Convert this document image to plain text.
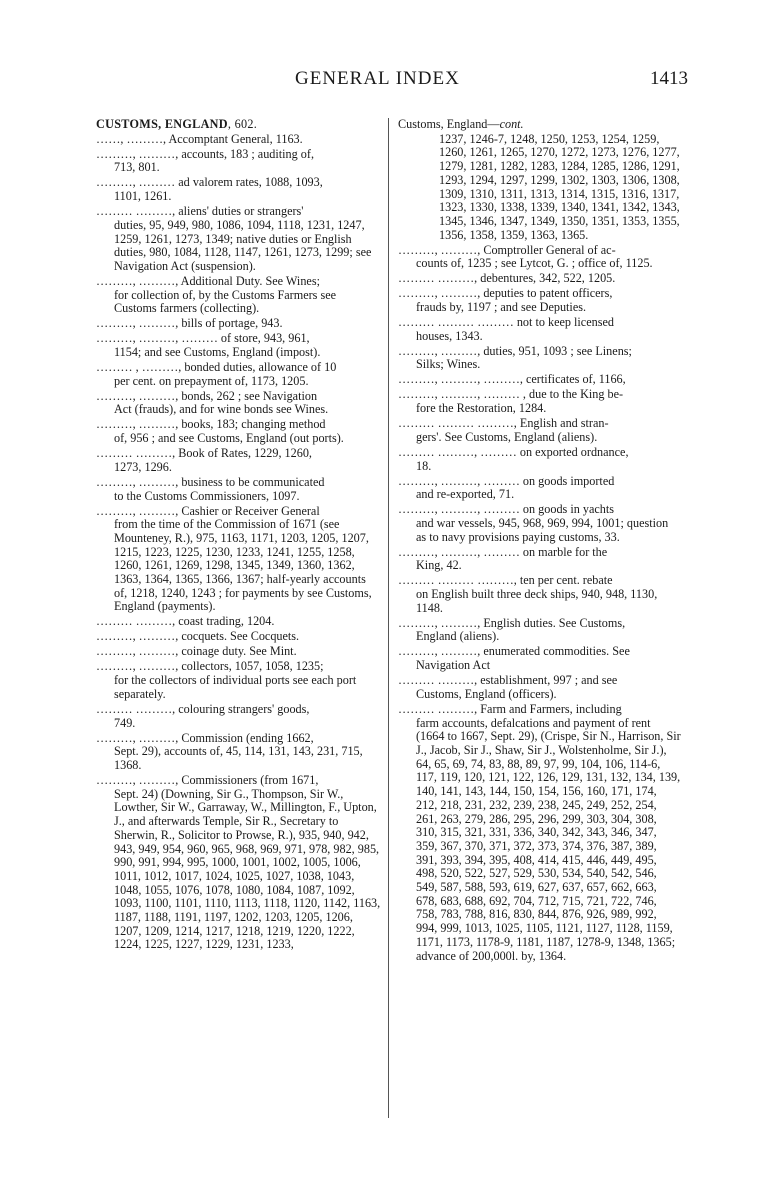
GENERAL INDEX	1413
CUSTOMS, ENGLAND, 602.
……, ………, Accomptant General, 1163.
………, ………, accounts, 183 ; auditing of,
713, 801.
………, ……… ad valorem rates, 1088, 1093,
1101, 1261.
……… ………, aliens' duties or strangers'
duties, 95, 949, 980, 1086, 1094, 1118, 1231, 1247, 1259, 1261, 1273, 1349; native duties or English duties, 980, 1084, 1128, 1147, 1261, 1273, 1299; see Navigation Act (suspension).
………, ………, Additional Duty. See Wines;
for collection of, by the Customs Farmers see Customs farmers (collecting).
………, ………, bills of portage, 943.
………, ………, ……… of store, 943, 961,
1154; and see Customs, England (impost).
……… , ………, bonded duties, allowance of 10
per cent. on prepayment of, 1173, 1205.
………, ………, bonds, 262 ; see Navigation
Act (frauds), and for wine bonds see Wines.
………, ………, books, 183; changing method
of, 956 ; and see Customs, England (out ports).
……… ………, Book of Rates, 1229, 1260,
1273, 1296.
………, ………, business to be communicated
to the Customs Commissioners, 1097.
………, ………, Cashier or Receiver General
from the time of the Commission of 1671 (see Mounteney, R.), 975, 1163, 1171, 1203, 1205, 1207, 1215, 1223, 1225, 1230, 1233, 1241, 1255, 1258, 1260, 1261, 1269, 1298, 1345, 1349, 1360, 1362, 1363, 1364, 1365, 1366, 1367; half-yearly accounts of, 1218, 1240, 1243 ; for payments by see Customs, England (payments).
……… ………, coast trading, 1204.
………, ………, cocquets. See Cocquets.
………, ………, coinage duty. See Mint.
………, ………, collectors, 1057, 1058, 1235;
for the collectors of individual ports see each port separately.
……… ………, colouring strangers' goods,
749.
………, ………, Commission (ending 1662,
Sept. 29), accounts of, 45, 114, 131, 143, 231, 715, 1368.
………, ………, Commissioners (from 1671,
Sept. 24) (Downing, Sir G., Thompson, Sir W., Lowther, Sir W., Garraway, W., Millington, F., Upton, J., and afterwards Temple, Sir R., Secretary to Sherwin, R., Solicitor to Prowse, R.), 935, 940, 942, 943, 949, 954, 960, 965, 968, 969, 971, 978, 982, 985, 990, 991, 994, 995, 1000, 1001, 1002, 1005, 1006, 1011, 1012, 1017, 1024, 1025, 1027, 1038, 1043, 1048, 1055, 1076, 1078, 1080, 1084, 1087, 1092, 1093, 1100, 1101, 1110, 1113, 1118, 1120, 1142, 1163, 1187, 1188, 1191, 1197, 1202, 1203, 1205, 1206, 1207, 1209, 1214, 1217, 1218, 1219, 1220, 1222, 1224, 1225, 1227, 1229, 1231, 1233,
Customs, England—cont.
1237, 1246-7, 1248, 1250, 1253, 1254, 1259, 1260, 1261, 1265, 1270, 1272, 1273, 1276, 1277, 1279, 1281, 1282, 1283, 1284, 1285, 1286, 1291, 1293, 1294, 1297, 1299, 1302, 1303, 1306, 1308, 1309, 1310, 1311, 1313, 1314, 1315, 1316, 1317, 1323, 1330, 1338, 1339, 1340, 1341, 1342, 1343, 1345, 1346, 1347, 1349, 1350, 1351, 1353, 1355, 1356, 1358, 1359, 1363, 1365.
………, ………, Comptroller General of ac-
counts of, 1235 ; see Lytcot, G. ; office of, 1125.
……… ………, debentures, 342, 522, 1205.
………, ………, deputies to patent officers,
frauds by, 1197 ; and see Deputies.
……… ……… ……… not to keep licensed
houses, 1343.
………, ………, duties, 951, 1093 ; see Linens;
Silks; Wines.
………, ………, ………, certificates of, 1166,
………, ………, ……… , due to the King be-
fore the Restoration, 1284.
……… ……… ………, English and stran-
gers'. See Customs, England (aliens).
……… ………, ……… on exported ordnance,
18.
………, ………, ……… on goods imported
and re-exported, 71.
………, ………, ……… on goods in yachts
and war vessels, 945, 968, 969, 994, 1001; question as to navy provisions paying customs, 33.
………, ………, ……… on marble for the
King, 42.
……… ……… ………, ten per cent. rebate
on English built three deck ships, 940, 948, 1130, 1148.
………, ………, English duties. See Customs,
England (aliens).
………, ………, enumerated commodities. See
Navigation Act
……… ………, establishment, 997 ; and see
Customs, England (officers).
……… ………, Farm and Farmers, including
farm accounts, defalcations and payment of rent (1664 to 1667, Sept. 29), (Crispe, Sir N., Harrison, Sir J., Jacob, Sir J., Shaw, Sir J., Wolstenholme, Sir J.), 64, 65, 69, 74, 83, 88, 89, 97, 99, 104, 106, 114-6, 117, 119, 120, 121, 122, 126, 129, 131, 132, 134, 139, 140, 141, 143, 144, 150, 154, 156, 160, 171, 174, 212, 218, 231, 232, 239, 238, 245, 249, 252, 254, 261, 263, 279, 286, 295, 296, 299, 303, 304, 308, 310, 315, 321, 331, 336, 340, 342, 343, 346, 347, 359, 367, 370, 371, 372, 373, 374, 376, 387, 389, 391, 393, 394, 395, 408, 414, 415, 446, 449, 495, 498, 520, 522, 527, 529, 530, 534, 540, 542, 546, 549, 587, 588, 593, 619, 627, 637, 657, 662, 663, 678, 683, 688, 692, 704, 712, 715, 721, 722, 746, 758, 783, 788, 816, 830, 844, 876, 926, 989, 992, 994, 999, 1013, 1025, 1105, 1121, 1127, 1128, 1159, 1171, 1173, 1178-9, 1181, 1187, 1278-9, 1348, 1365; advance of 200,000l. by, 1364.
